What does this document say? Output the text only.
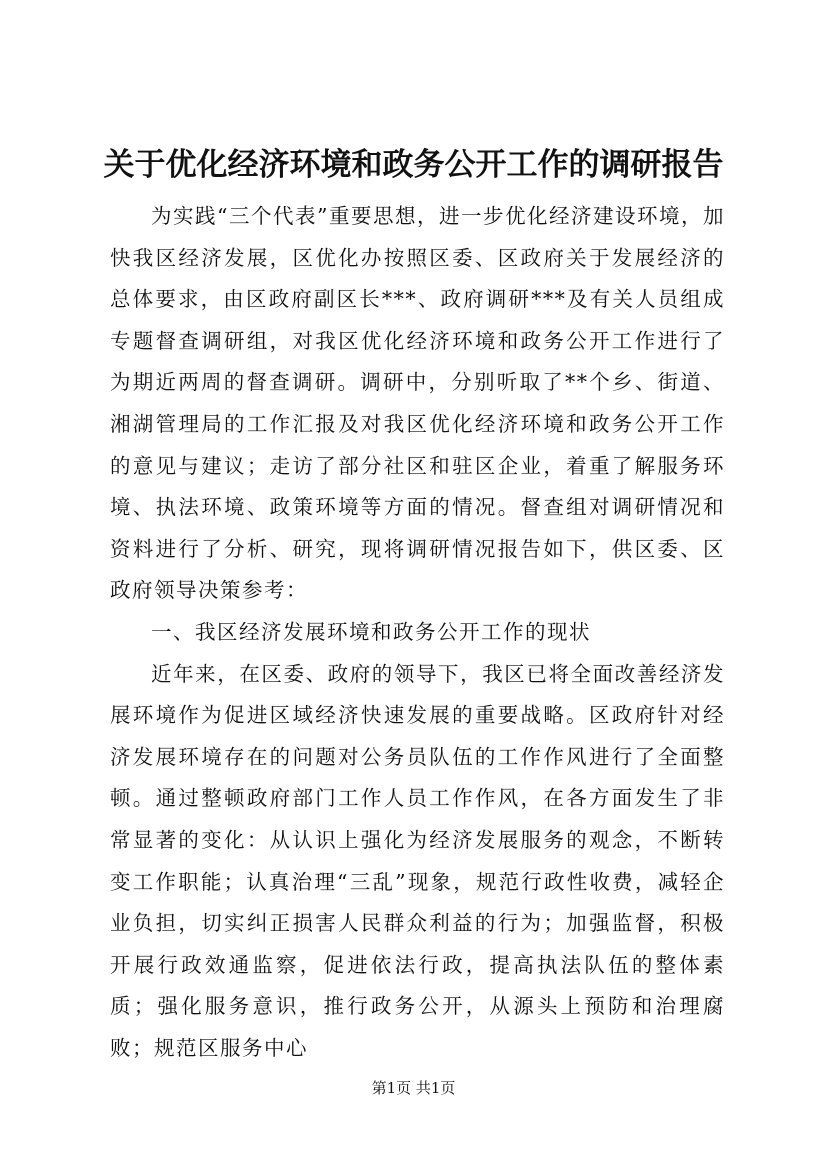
关于优化经济环境和政务公开工作的调研报告

为实践“三个代表”重要思想，进一步优化经济建设环境，加快我区经济发展，区优化办按照区委、区政府关于发展经济的总体要求，由区政府副区长***、政府调研***及有关人员组成专题督查调研组，对我区优化经济环境和政务公开工作进行了为期近两周的督查调研。调研中，分别听取了**个乡、街道、湘湖管理局的工作汇报及对我区优化经济环境和政务公开工作的意见与建议；走访了部分社区和驻区企业，着重了解服务环境、执法环境、政策环境等方面的情况。督查组对调研情况和资料进行了分析、研究，现将调研情况报告如下，供区委、区政府领导决策参考：

一、我区经济发展环境和政务公开工作的现状

近年来，在区委、政府的领导下，我区已将全面改善经济发展环境作为促进区域经济快速发展的重要战略。区政府针对经济发展环境存在的问题对公务员队伍的工作作风进行了全面整顿。通过整顿政府部门工作人员工作作风，在各方面发生了非常显著的变化：从认识上强化为经济发展服务的观念，不断转变工作职能；认真治理“三乱”现象，规范行政性收费，减轻企业负担，切实纠正损害人民群众利益的行为；加强监督，积极开展行政效通监察，促进依法行政，提高执法队伍的整体素质；强化服务意识，推行政务公开，从源头上预防和治理腐败；规范区服务中心

第1页 共1页
